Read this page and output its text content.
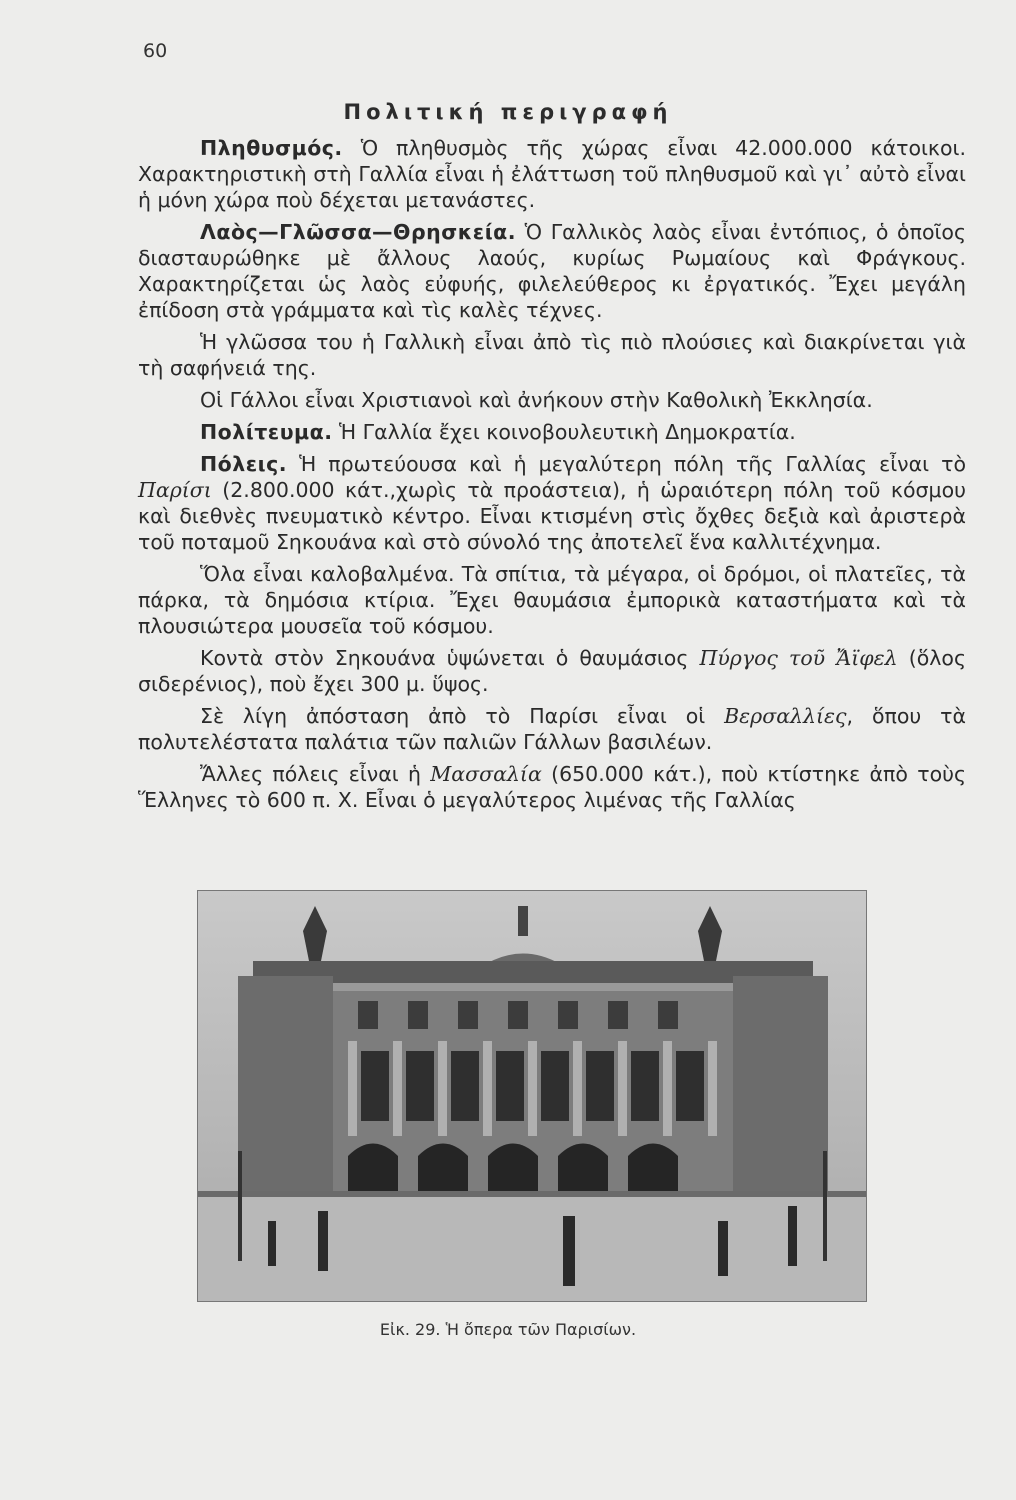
60
Πολιτική περιγραφή

Πληθυσμός. Ὁ πληθυσμὸς τῆς χώρας εἶναι 42.000.000 κάτοικοι. Χαρακτηριστικὴ στὴ Γαλλία εἶναι ἡ ἐλάττωση τοῦ πληθυσμοῦ καὶ γι᾽ αὐτὸ εἶναι ἡ μόνη χώρα ποὺ δέχεται μετανάστες.

Λαὸς—Γλῶσσα—Θρησκεία. Ὁ Γαλλικὸς λαὸς εἶναι ἐντόπιος, ὁ ὁποῖος διασταυρώθηκε μὲ ἄλλους λαούς, κυρίως Ρωμαίους καὶ Φράγκους. Χαρακτηρίζεται ὡς λαὸς εὐφυής, φιλελεύθερος κι ἐργατικός. Ἔχει μεγάλη ἐπίδοση στὰ γράμματα καὶ τὶς καλὲς τέχνες.

Ἡ γλῶσσα του ἡ Γαλλικὴ εἶναι ἀπὸ τὶς πιὸ πλούσιες καὶ διακρίνεται γιὰ τὴ σαφήνειά της.

Οἱ Γάλλοι εἶναι Χριστιανοὶ καὶ ἀνήκουν στὴν Καθολικὴ Ἐκκλησία.

Πολίτευμα. Ἡ Γαλλία ἔχει κοινοβουλευτικὴ Δημοκρατία.

Πόλεις. Ἡ πρωτεύουσα καὶ ἡ μεγαλύτερη πόλη τῆς Γαλλίας εἶναι τὸ Παρίσι (2.800.000 κάτ.,χωρὶς τὰ προάστεια), ἡ ὡραιότερη πόλη τοῦ κόσμου καὶ διεθνὲς πνευματικὸ κέντρο. Εἶναι κτισμένη στὶς ὄχθες δεξιὰ καὶ ἀριστερὰ τοῦ ποταμοῦ Σηκουάνα καὶ στὸ σύνολό της ἀποτελεῖ ἕνα καλλιτέχνημα.

Ὅλα εἶναι καλοβαλμένα. Τὰ σπίτια, τὰ μέγαρα, οἱ δρόμοι, οἱ πλατεῖες, τὰ πάρκα, τὰ δημόσια κτίρια. Ἔχει θαυμάσια ἐμπορικὰ καταστήματα καὶ τὰ πλουσιώτερα μουσεῖα τοῦ κόσμου.

Κοντὰ στὸν Σηκουάνα ὑψώνεται ὁ θαυμάσιος Πύργος τοῦ Ἄϊφελ (ὅλος σιδερένιος), ποὺ ἔχει 300 μ. ὕψος.

Σὲ λίγη ἀπόσταση ἀπὸ τὸ Παρίσι εἶναι οἱ Βερσαλλίες, ὅπου τὰ πολυτελέστατα παλάτια τῶν παλιῶν Γάλλων βασιλέων.

Ἄλλες πόλεις εἶναι ἡ Μασσαλία (650.000 κάτ.), ποὺ κτίστηκε ἀπὸ τοὺς Ἕλληνες τὸ 600 π. Χ. Εἶναι ὁ μεγαλύτερος λιμένας τῆς Γαλλίας

Εἰκ. 29. Ἡ ὄπερα τῶν Παρισίων.
